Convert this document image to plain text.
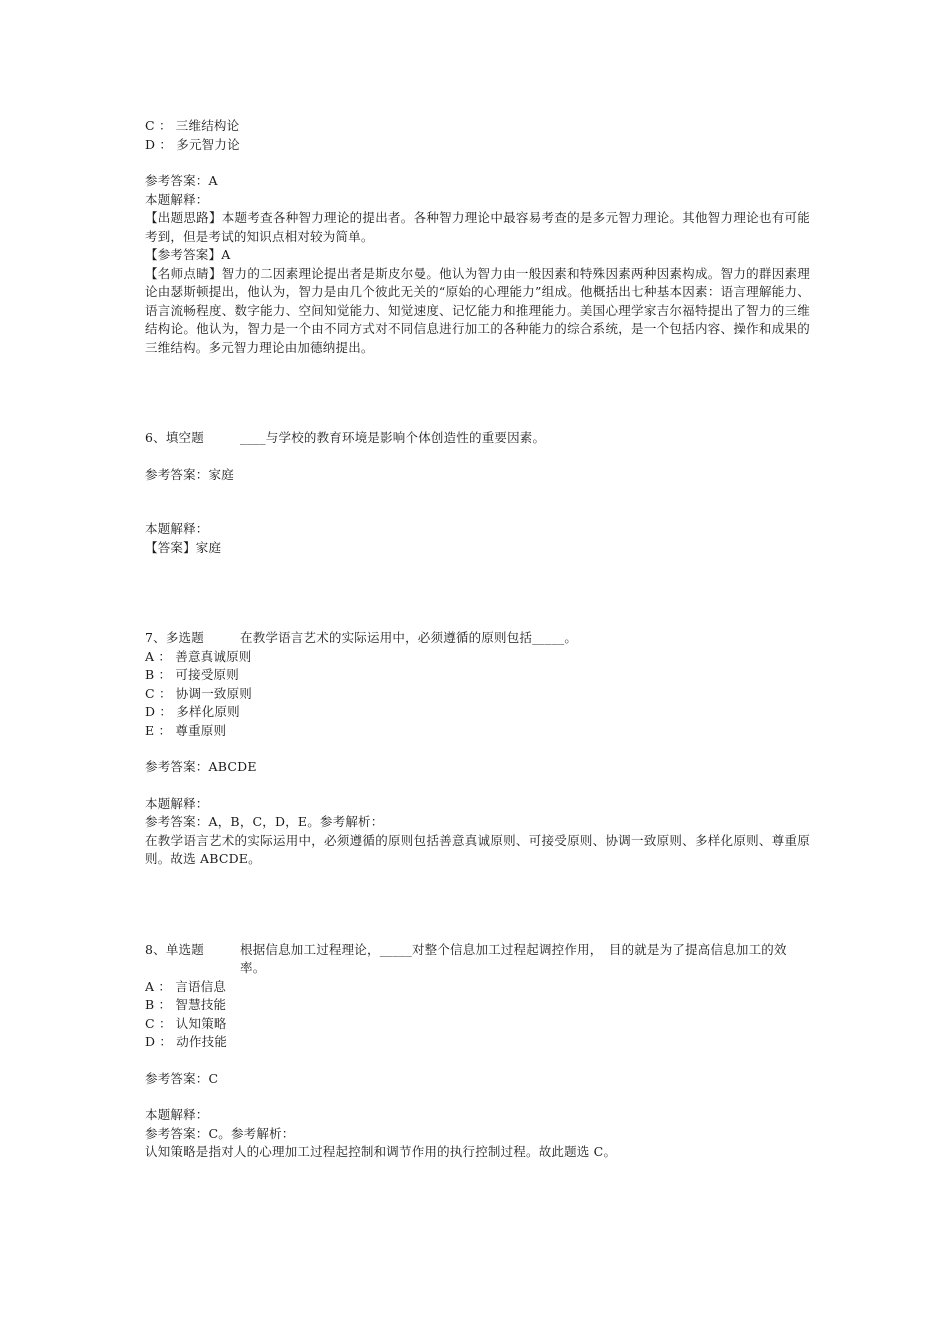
C ： 三维结构论
D ： 多元智力论
参考答案：A
本题解释：
【出题思路】本题考查各种智力理论的提出者。各种智力理论中最容易考查的是多元智力理论。其他智力理论也有可能考到，但是考试的知识点相对较为简单。
【参考答案】A
【名师点睛】智力的二因素理论提出者是斯皮尔曼。他认为智力由一般因素和特殊因素两种因素构成。智力的群因素理论由瑟斯顿提出，他认为，智力是由几个彼此无关的“原始的心理能力”组成。他概括出七种基本因素：语言理解能力、语言流畅程度、数字能力、空间知觉能力、知觉速度、记忆能力和推理能力。美国心理学家吉尔福特提出了智力的三维结构论。他认为，智力是一个由不同方式对不同信息进行加工的各种能力的综合系统，是一个包括内容、操作和成果的三维结构。多元智力理论由加德纳提出。
6、填空题	____与学校的教育环境是影响个体创造性的重要因素。
参考答案：家庭
本题解释：
【答案】家庭
7、多选题	在教学语言艺术的实际运用中，必须遵循的原则包括_____。
A ： 善意真诚原则
B ： 可接受原则
C ： 协调一致原则
D ： 多样化原则
E ： 尊重原则
参考答案：ABCDE
本题解释：
参考答案：A，B，C，D，E。参考解析：
在教学语言艺术的实际运用中，必须遵循的原则包括善意真诚原则、可接受原则、协调一致原则、多样化原则、尊重原则。故选 ABCDE。
8、单选题	根据信息加工过程理论，_____对整个信息加工过程起调控作用，　目的就是为了提高信息加工的效率。
A ： 言语信息
B ： 智慧技能
C ： 认知策略
D ： 动作技能
参考答案：C
本题解释：
参考答案：C。参考解析：
认知策略是指对人的心理加工过程起控制和调节作用的执行控制过程。故此题选 C。
